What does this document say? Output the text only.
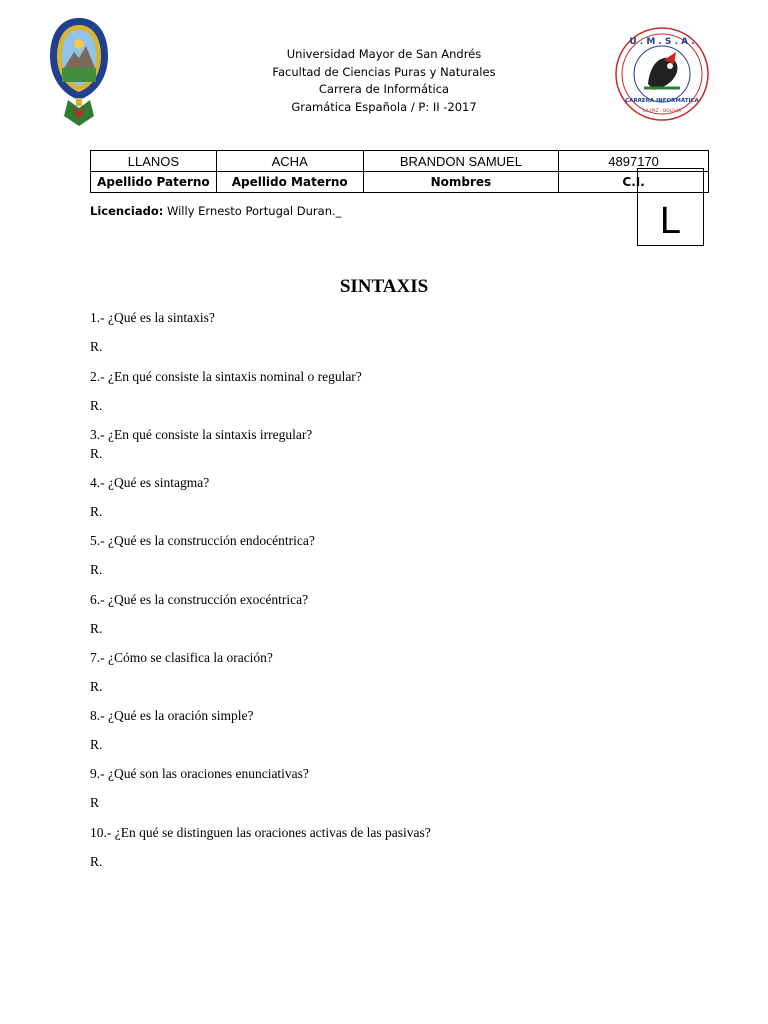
Universidad Mayor de San Andrés
Facultad de Ciencias Puras y Naturales
Carrera de Informática
Gramática Española / P: II -2017
U . M . S . A .
CARRERA INFORMÁTICA
LA PAZ - BOLIVIA
LLANOS	ACHA	BRANDON SAMUEL	4897170
Apellido Paterno	Apellido Materno	Nombres	C.I.
L
Licenciado: Willy Ernesto Portugal Duran._
SINTAXIS
1.- ¿Qué es la sintaxis?
R.
2.- ¿En qué consiste la sintaxis nominal o regular?
R.
3.- ¿En qué consiste la sintaxis irregular?
R.
4.- ¿Qué es sintagma?
R.
5.- ¿Qué es la construcción endocéntrica?
R.
6.- ¿Qué es la construcción exocéntrica?
R.
7.- ¿Cómo se clasifica la oración?
R.
8.- ¿Qué es la oración simple?
R.
9.- ¿Qué son las oraciones enunciativas?
R
10.- ¿En qué se distinguen las oraciones activas de las pasivas?
R.
